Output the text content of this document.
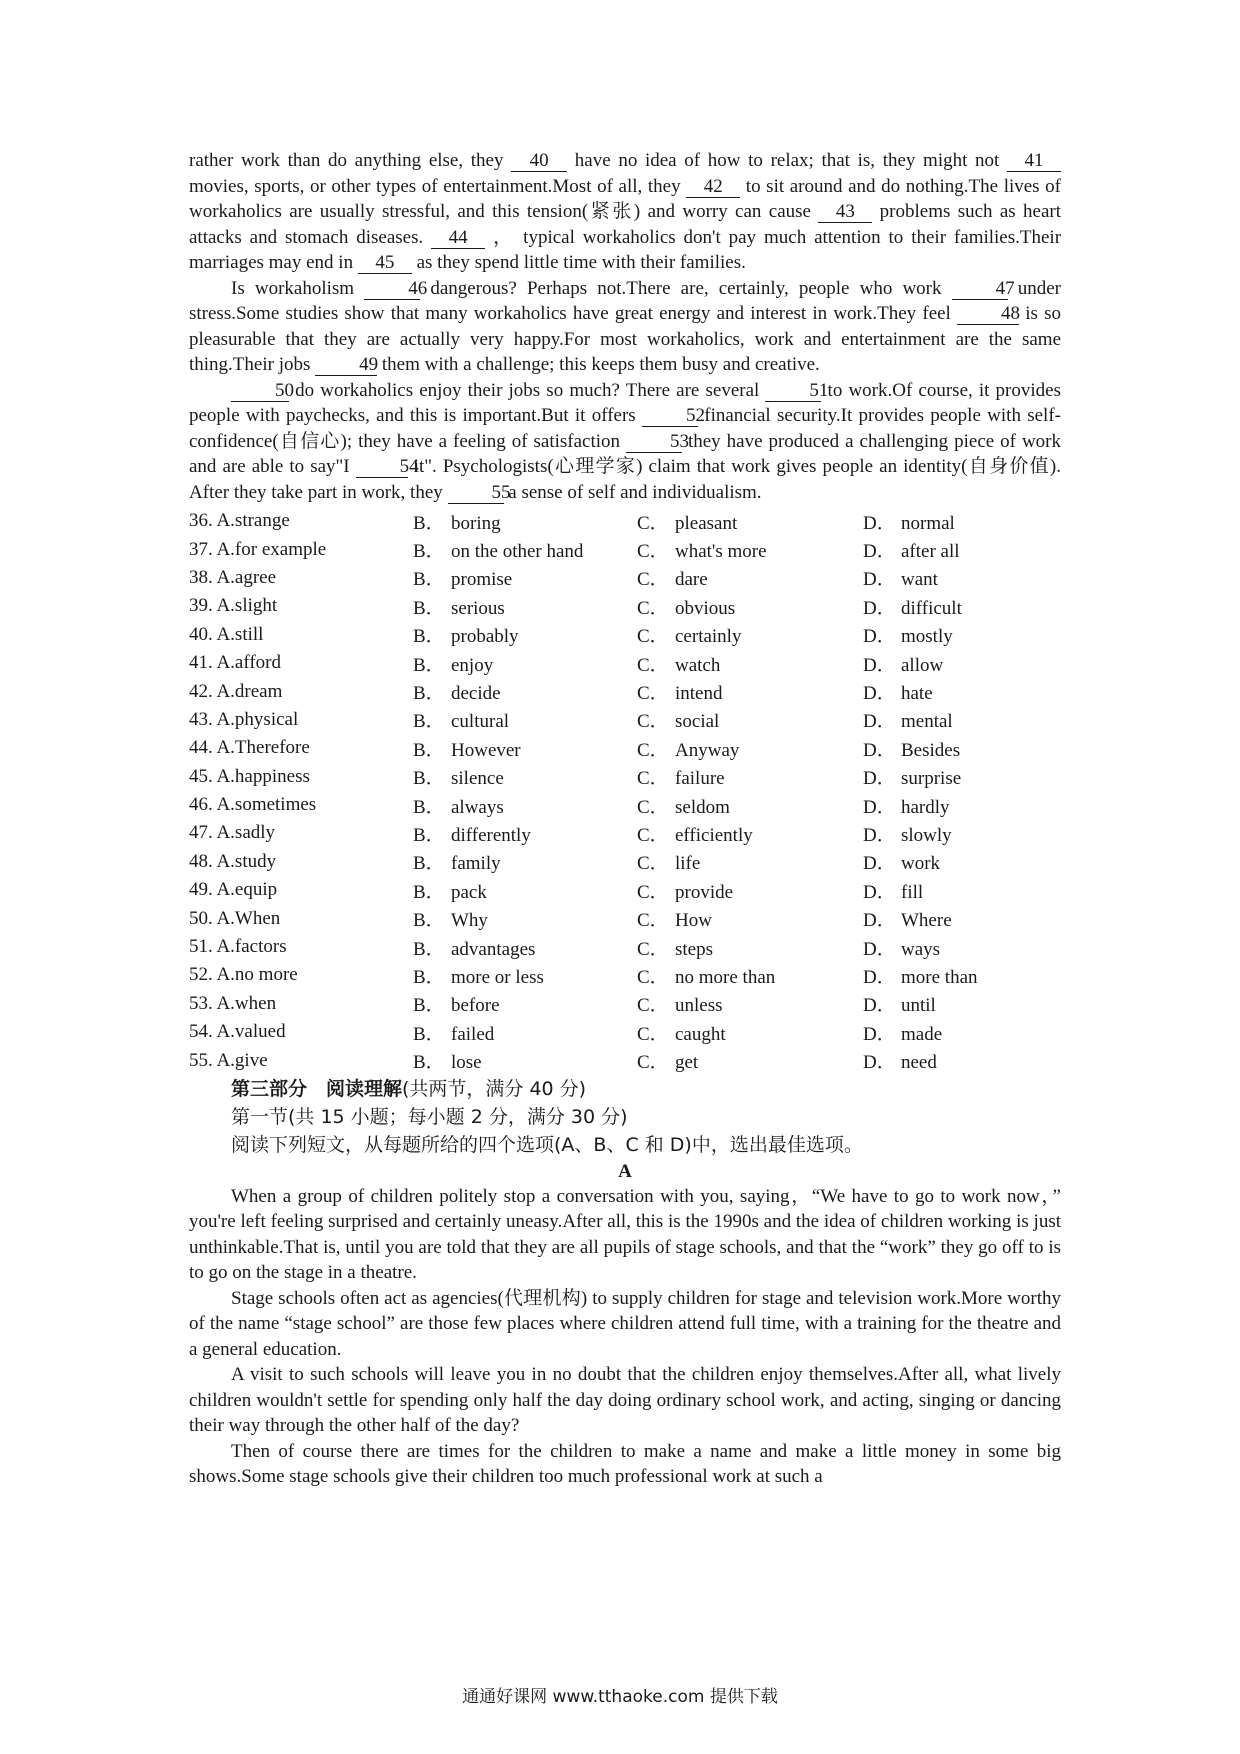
rather work than do anything else, they 40 have no idea of how to relax; that is, they might not 41 movies, sports, or other types of entertainment.Most of all, they 42 to sit around and do nothing.The lives of workaholics are usually stressful, and this tension(紧张) and worry can cause 43 problems such as heart attacks and stomach diseases. 44 ， typical workaholics don't pay much attention to their families.Their marriages may end in 45 as they spend little time with their families.

Is workaholism	46 dangerous? Perhaps not.There are, certainly, people who work	47 under stress.Some studies show that many workaholics have great energy and interest in work.They feel	48 is so pleasurable that they are actually very happy.For most workaholics, work and entertainment are the same thing.Their jobs	49 them with a challenge; this keeps them busy and creative.

50 do workaholics enjoy their jobs so much? There are several	51 to work.Of course, it provides people with paychecks, and this is important.But it offers	52 financial security.It provides people with self-confidence(自信心); they have a feeling of satisfaction	53 they have produced a challenging piece of work and are able to say"I	54 it". Psychologists(心理学家) claim that work gives people an identity(自身价值). After they take part in work, they	55 a sense of self and individualism.

36. A.strange	B． boring	C． pleasant	D． normal
37. A.for example	B． on the other hand	C． what's more	D． after all
38. A.agree	B． promise	C． dare	D． want
39. A.slight	B． serious	C． obvious	D． difficult
40. A.still	B． probably	C． certainly	D． mostly
41. A.afford	B． enjoy	C． watch	D． allow
42. A.dream	B． decide	C． intend	D． hate
43. A.physical	B． cultural	C． social	D． mental
44. A.Therefore	B． However	C． Anyway	D． Besides
45. A.happiness	B． silence	C． failure	D． surprise
46. A.sometimes	B． always	C． seldom	D． hardly
47. A.sadly	B． differently	C． efficiently	D． slowly
48. A.study	B． family	C． life	D． work
49. A.equip	B． pack	C． provide	D． fill
50. A.When	B． Why	C． How	D． Where
51. A.factors	B． advantages	C． steps	D． ways
52. A.no more	B． more or less	C． no more than	D． more than
53. A.when	B． before	C． unless	D． until
54. A.valued	B． failed	C． caught	D． made
55. A.give	B． lose	C． get	D． need

第三部分　阅读理解(共两节，满分 40 分)

第一节(共 15 小题；每小题 2 分，满分 30 分)

阅读下列短文，从每题所给的四个选项(A、B、C 和 D)中，选出最佳选项。

A

When a group of children politely stop a conversation with you, saying，“We have to go to work now，” you're left feeling surprised and certainly uneasy.After all, this is the 1990s and the idea of children working is just unthinkable.That is, until you are told that they are all pupils of stage schools, and that the “work” they go off to is to go on the stage in a theatre.

Stage schools often act as agencies(代理机构) to supply children for stage and television work.More worthy of the name “stage school” are those few places where children attend full time, with a training for the theatre and a general education.

A visit to such schools will leave you in no doubt that the children enjoy themselves.After all, what lively children wouldn't settle for spending only half the day doing ordinary school work, and acting, singing or dancing their way through the other half of the day?

Then of course there are times for the children to make a name and make a little money in some big shows.Some stage schools give their children too much professional work at such a

通通好课网 www.tthaoke.com 提供下载
